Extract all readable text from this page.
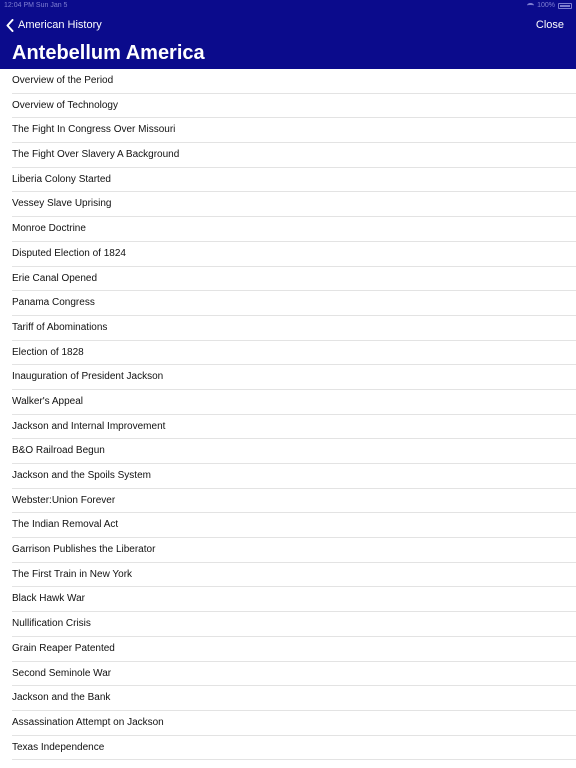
12:04 PM Sun Jan 5	100%
American History	Close
Antebellum America
Overview of the Period
Overview of Technology
The Fight In Congress Over Missouri
The Fight Over Slavery A Background
Liberia Colony Started
Vessey Slave Uprising
Monroe Doctrine
Disputed Election of 1824
Erie Canal Opened
Panama Congress
Tariff of Abominations
Election of 1828
Inauguration of President Jackson
Walker's Appeal
Jackson and Internal Improvement
B&O Railroad Begun
Jackson and the Spoils System
Webster:Union Forever
The Indian Removal Act
Garrison Publishes the Liberator
The First Train in New York
Black Hawk War
Nullification Crisis
Grain Reaper Patented
Second Seminole War
Jackson and the Bank
Assassination Attempt on Jackson
Texas Independence
